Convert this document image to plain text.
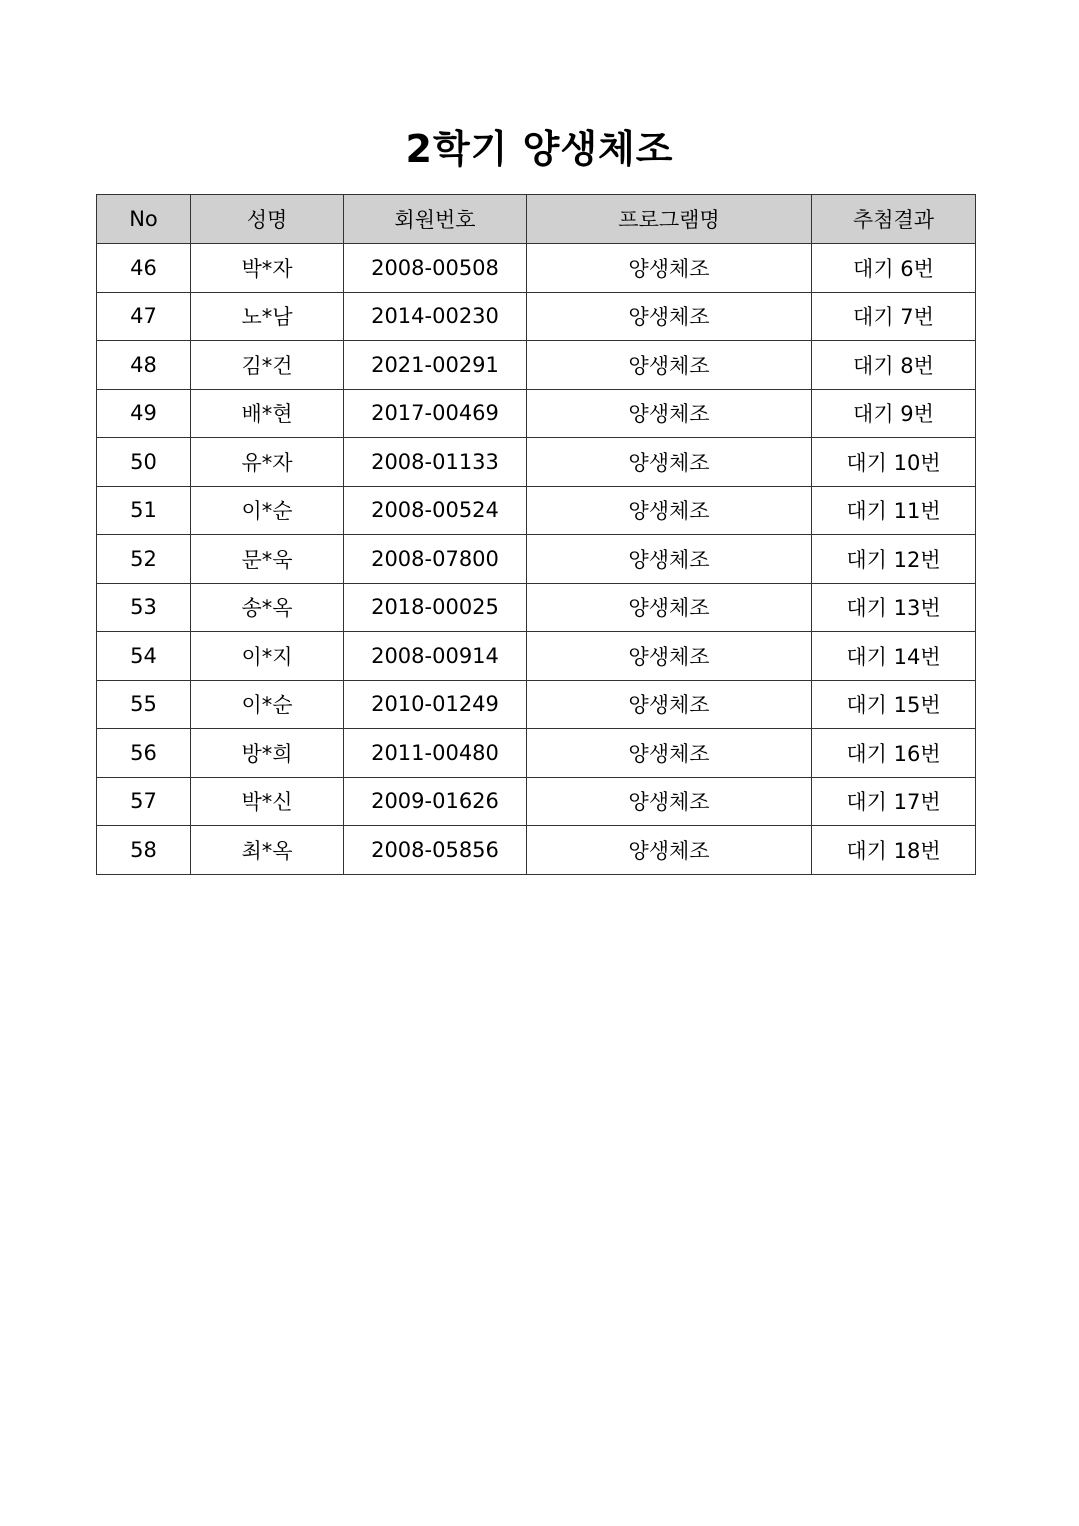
2학기 양생체조
No	성명	회원번호	프로그램명	추첨결과
46	박*자	2008-00508	양생체조	대기 6번
47	노*남	2014-00230	양생체조	대기 7번
48	김*건	2021-00291	양생체조	대기 8번
49	배*현	2017-00469	양생체조	대기 9번
50	유*자	2008-01133	양생체조	대기 10번
51	이*순	2008-00524	양생체조	대기 11번
52	문*욱	2008-07800	양생체조	대기 12번
53	송*옥	2018-00025	양생체조	대기 13번
54	이*지	2008-00914	양생체조	대기 14번
55	이*순	2010-01249	양생체조	대기 15번
56	방*희	2011-00480	양생체조	대기 16번
57	박*신	2009-01626	양생체조	대기 17번
58	최*옥	2008-05856	양생체조	대기 18번
